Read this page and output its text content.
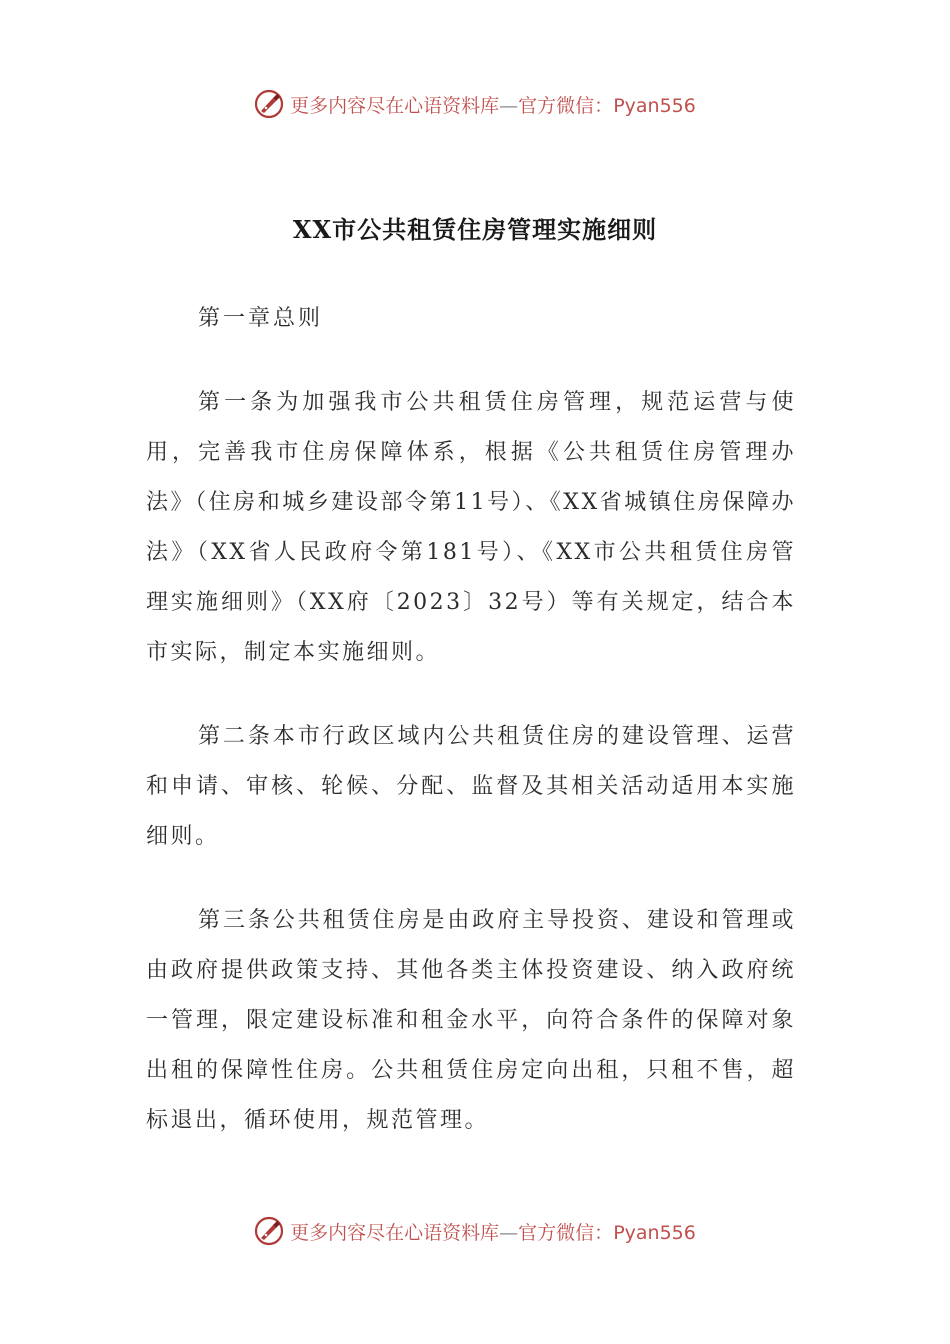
更多内容尽在心语资料库—官方微信：Pyan556
XX市公共租赁住房管理实施细则

第一章总则

第一条为加强我市公共租赁住房管理，规范运营与使用，完善我市住房保障体系，根据《公共租赁住房管理办法》（住房和城乡建设部令第11号）、《XX省城镇住房保障办法》（XX省人民政府令第181号）、《XX市公共租赁住房管理实施细则》（XX府〔2023〕32号）等有关规定，结合本市实际，制定本实施细则。

第二条本市行政区域内公共租赁住房的建设管理、运营和申请、审核、轮候、分配、监督及其相关活动适用本实施细则。

第三条公共租赁住房是由政府主导投资、建设和管理或由政府提供政策支持、其他各类主体投资建设、纳入政府统一管理，限定建设标准和租金水平，向符合条件的保障对象出租的保障性住房。公共租赁住房定向出租，只租不售，超标退出，循环使用，规范管理。

更多内容尽在心语资料库—官方微信：Pyan556
